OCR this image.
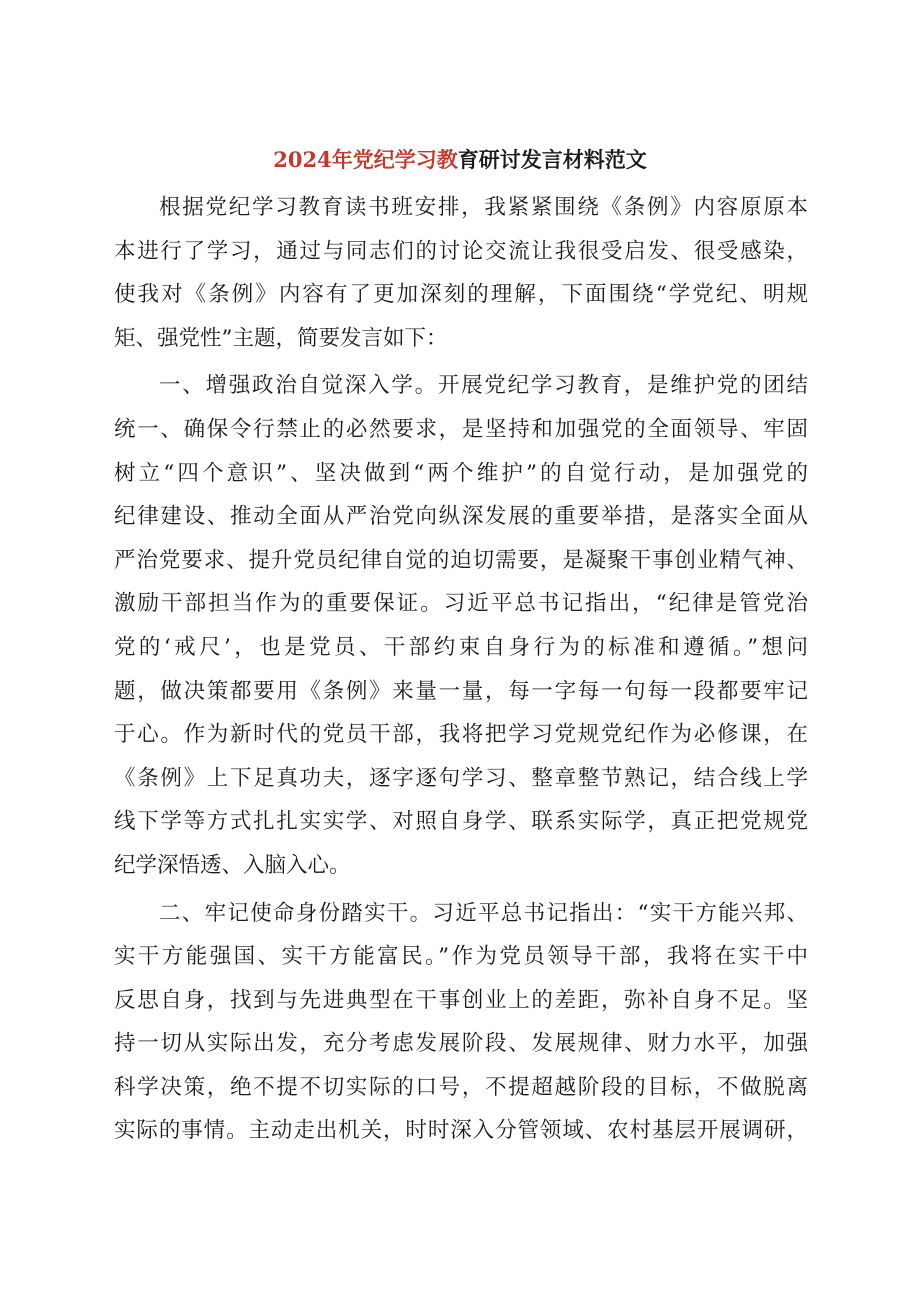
2024年党纪学习教育研讨发言材料范文
根据党纪学习教育读书班安排，我紧紧围绕《条例》内容原原本
本进行了学习，通过与同志们的讨论交流让我很受启发、很受感染，
使我对《条例》内容有了更加深刻的理解，下面围绕“学党纪、明规
矩、强党性”主题，简要发言如下：
一、增强政治自觉深入学。开展党纪学习教育，是维护党的团结
统一、确保令行禁止的必然要求，是坚持和加强党的全面领导、牢固
树立“四个意识”、坚决做到“两个维护”的自觉行动，是加强党的
纪律建设、推动全面从严治党向纵深发展的重要举措，是落实全面从
严治党要求、提升党员纪律自觉的迫切需要，是凝聚干事创业精气神、
激励干部担当作为的重要保证。习近平总书记指出，“纪律是管党治
党的‘戒尺’，也是党员、干部约束自身行为的标准和遵循。”想问
题，做决策都要用《条例》来量一量，每一字每一句每一段都要牢记
于心。作为新时代的党员干部，我将把学习党规党纪作为必修课，在
《条例》上下足真功夫，逐字逐句学习、整章整节熟记，结合线上学
线下学等方式扎扎实实学、对照自身学、联系实际学，真正把党规党
纪学深悟透、入脑入心。
二、牢记使命身份踏实干。习近平总书记指出：“实干方能兴邦、
实干方能强国、实干方能富民。”作为党员领导干部，我将在实干中
反思自身，找到与先进典型在干事创业上的差距，弥补自身不足。坚
持一切从实际出发，充分考虑发展阶段、发展规律、财力水平，加强
科学决策，绝不提不切实际的口号，不提超越阶段的目标，不做脱离
实际的事情。主动走出机关，时时深入分管领域、农村基层开展调研，
